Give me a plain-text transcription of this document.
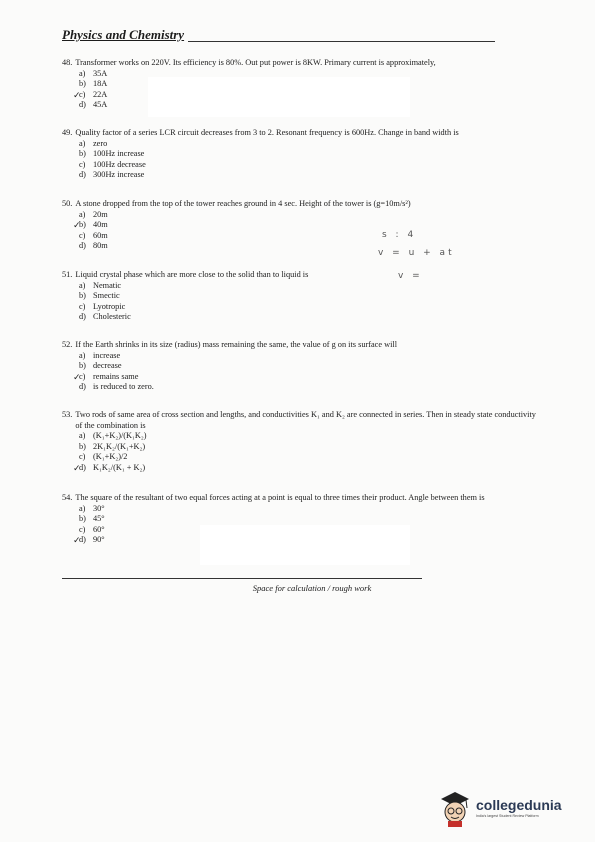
Physics and Chemistry
48. Transformer works on 220V. Its efficiency is 80%. Out put power is 8KW. Primary current is approximately,
a) 35A
b) 18A
✓
c) 22A
d) 45A
49. Quality factor of a series LCR circuit decreases from 3 to 2. Resonant frequency is 600Hz. Change in band width is
a) zero
b) 100Hz increase
c) 100Hz decrease
d) 300Hz increase
50. A stone dropped from the top of the tower reaches ground in 4 sec. Height of the tower is (g=10m/s²)
a) 20m
✓
b) 40m
c) 60m
d) 80m
s : 4
v = u + at
v =
51. Liquid crystal phase which are more close to the solid than to liquid is
a) Nematic
b) Smectic
c) Lyotropic
d) Cholesteric
52. If the Earth shrinks in its size (radius) mass remaining the same, the value of g on its surface will
a) increase
b) decrease
✓
c) remains same
d) is reduced to zero.
53. Two rods of same area of cross section and lengths, and conductivities K₁ and K₂ are connected in series. Then in steady state conductivity of the combination is
a) (K₁+K₂)/(K₁K₂)
b) 2K₁K₂/(K₁+K₂)
c) (K₁+K₂)/2
✓
d) K₁K₂/(K₁ + K₂)
54. The square of the resultant of two equal forces acting at a point is equal to three times their product. Angle between them is
a) 30°
b) 45°
c) 60°
✓
d) 90°
Space for calculation / rough work
collegedunia
India's largest Student Review Platform
